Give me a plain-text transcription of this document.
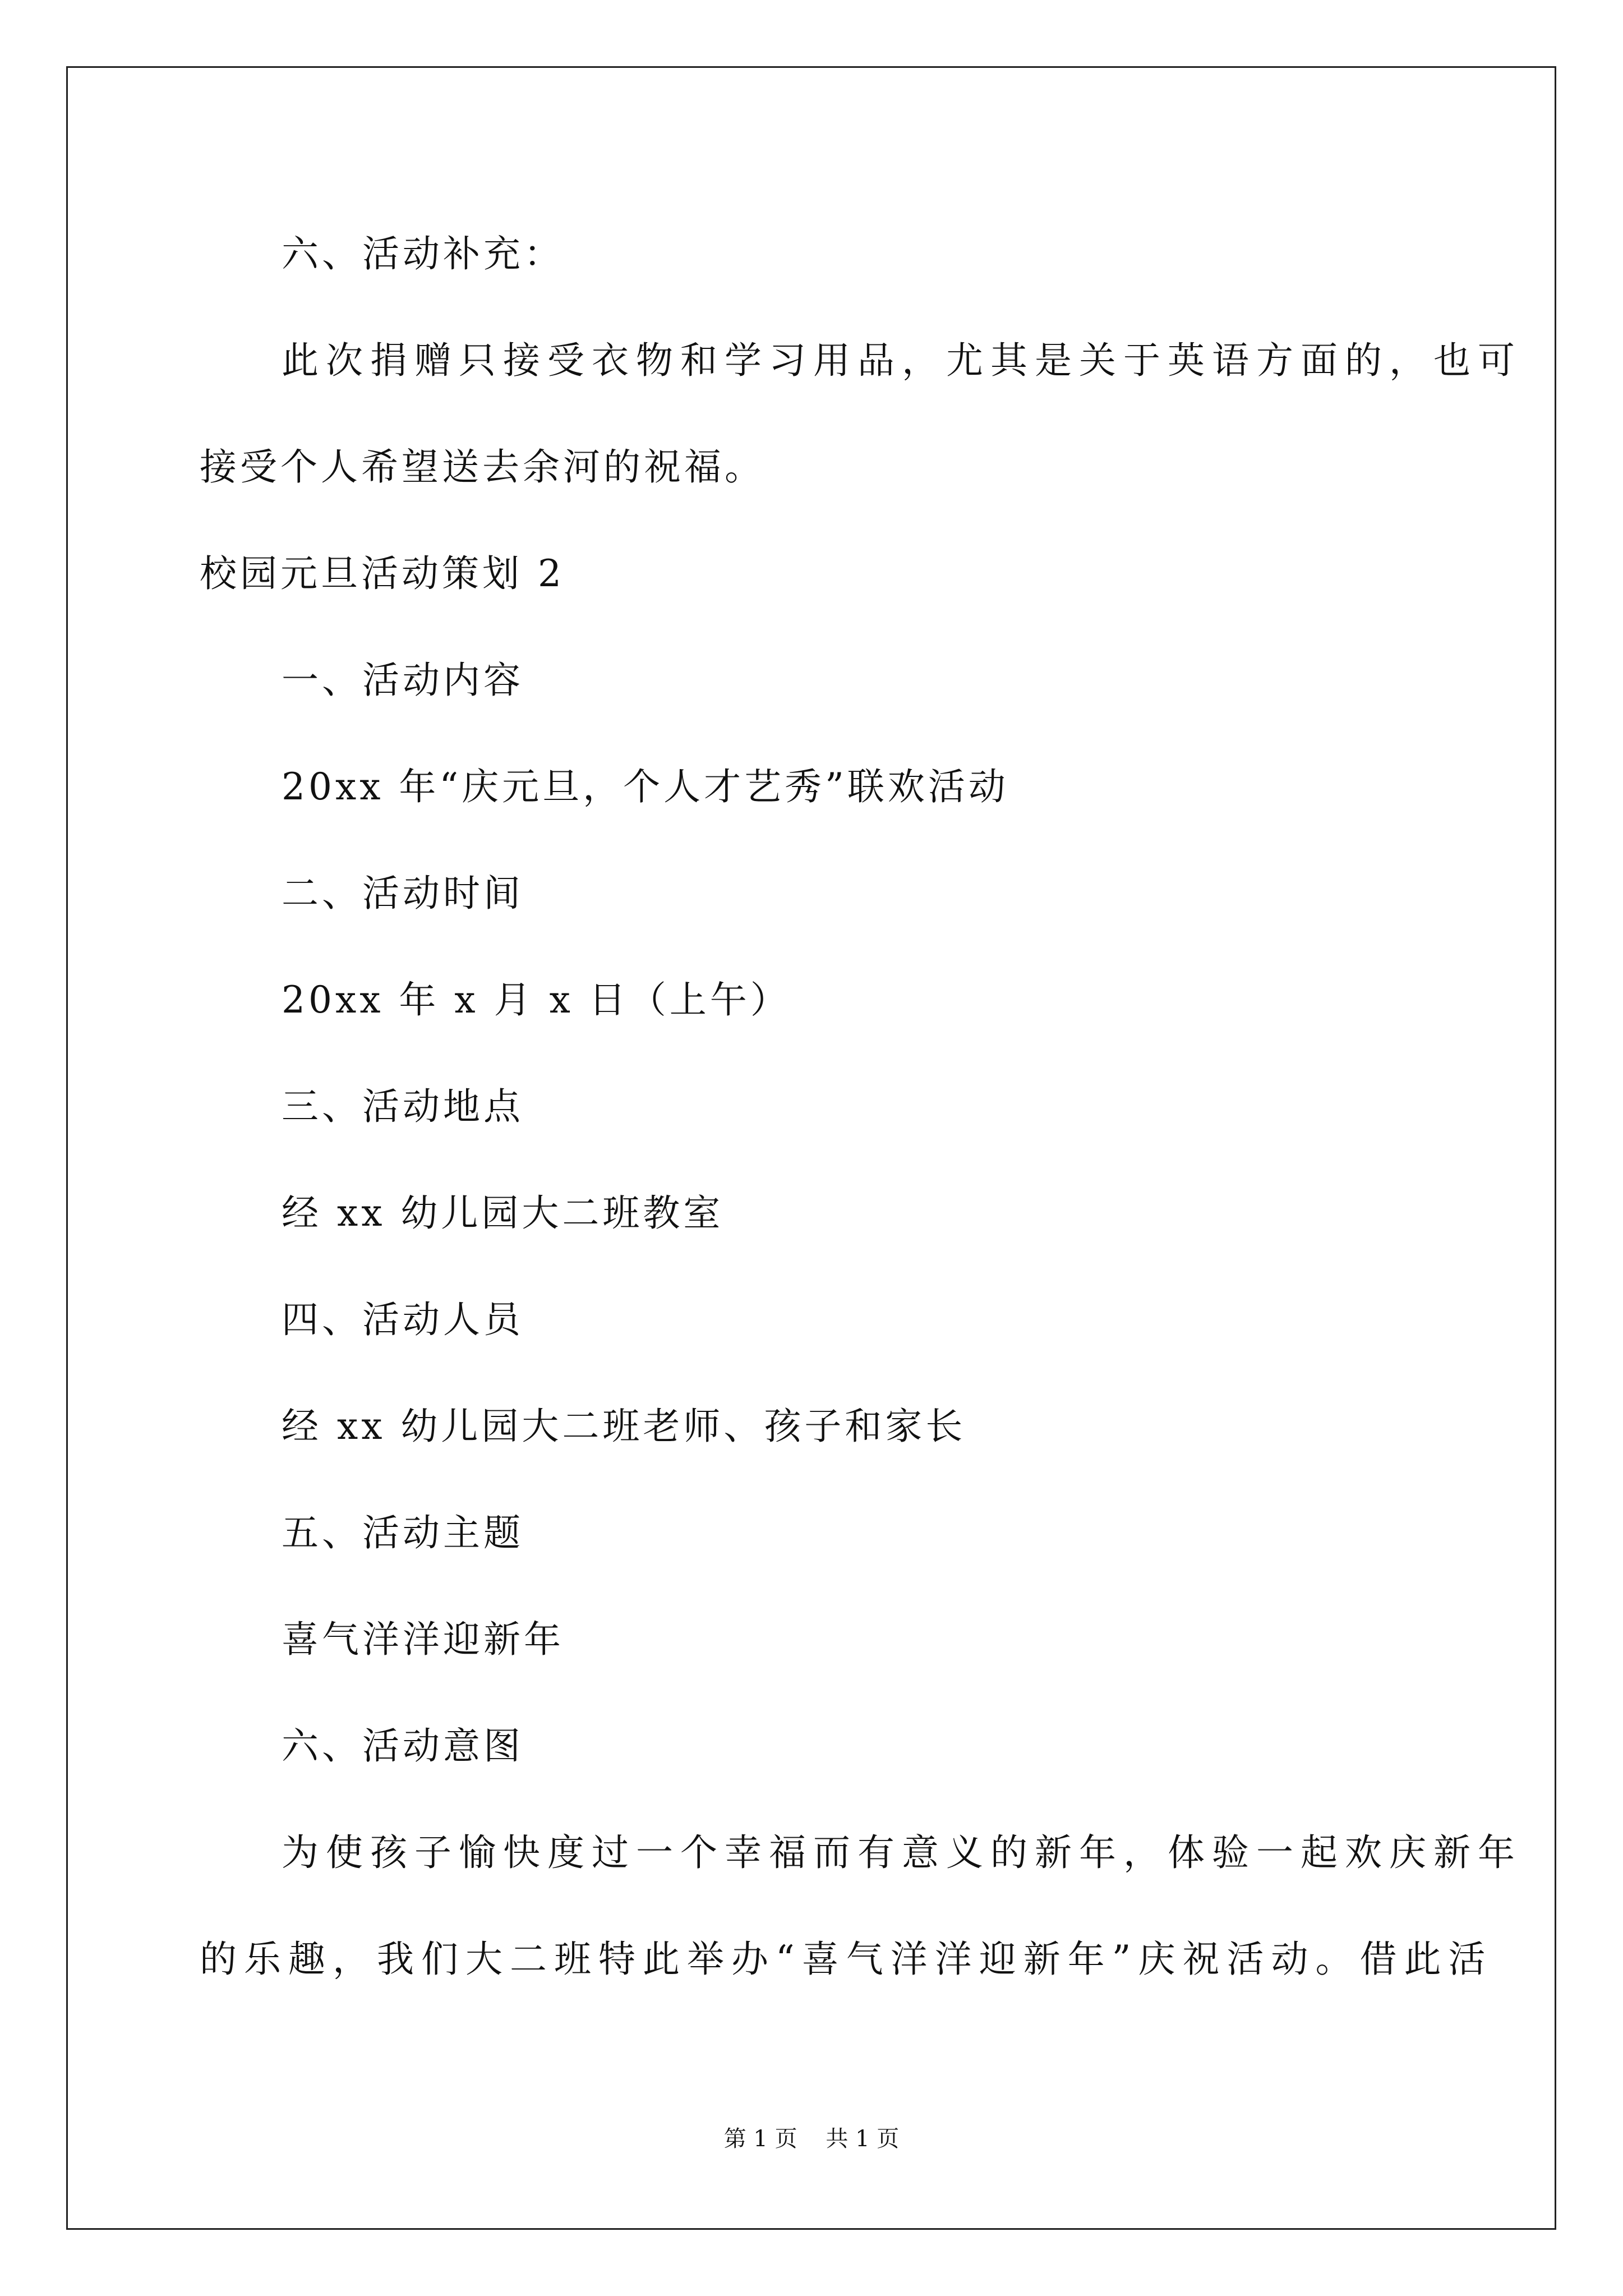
六、活动补充：
此次捐赠只接受衣物和学习用品，尤其是关于英语方面的，也可
接受个人希望送去余河的祝福。
校园元旦活动策划 2
一、活动内容
20xx 年“庆元旦，个人才艺秀”联欢活动
二、活动时间
20xx 年 x 月 x 日（上午）
三、活动地点
经 xx 幼儿园大二班教室
四、活动人员
经 xx 幼儿园大二班老师、孩子和家长
五、活动主题
喜气洋洋迎新年
六、活动意图
为使孩子愉快度过一个幸福而有意义的新年，体验一起欢庆新年
的乐趣，我们大二班特此举办“喜气洋洋迎新年”庆祝活动。借此活
第 1 页    共 1 页
